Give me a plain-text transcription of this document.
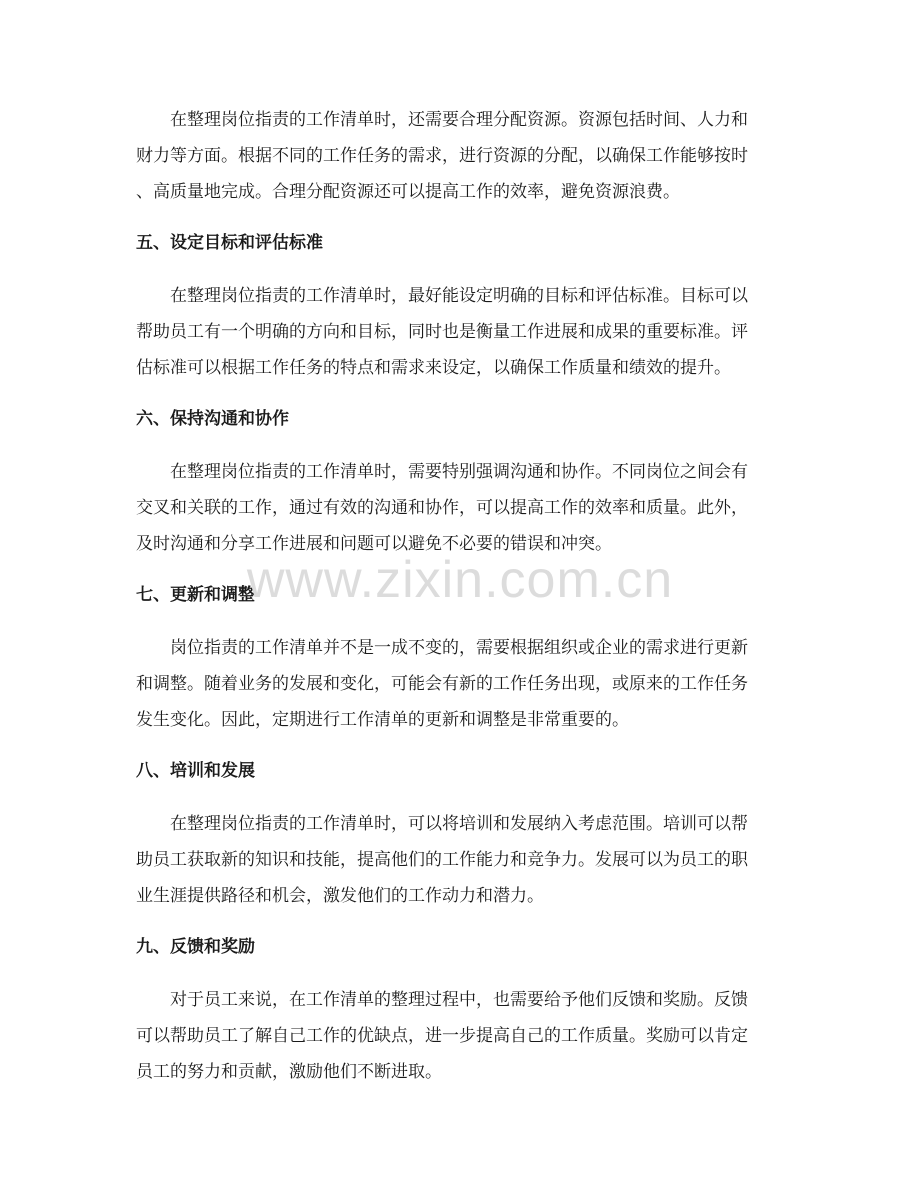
在整理岗位指责的工作清单时，还需要合理分配资源。资源包括时间、人力和
财力等方面。根据不同的工作任务的需求，进行资源的分配，以确保工作能够按时
、高质量地完成。合理分配资源还可以提高工作的效率，避免资源浪费。
五、设定目标和评估标准
在整理岗位指责的工作清单时，最好能设定明确的目标和评估标准。目标可以
帮助员工有一个明确的方向和目标，同时也是衡量工作进展和成果的重要标准。评
估标准可以根据工作任务的特点和需求来设定，以确保工作质量和绩效的提升。
六、保持沟通和协作
在整理岗位指责的工作清单时，需要特别强调沟通和协作。不同岗位之间会有
交叉和关联的工作，通过有效的沟通和协作，可以提高工作的效率和质量。此外，
及时沟通和分享工作进展和问题可以避免不必要的错误和冲突。
七、更新和调整
岗位指责的工作清单并不是一成不变的，需要根据组织或企业的需求进行更新
和调整。随着业务的发展和变化，可能会有新的工作任务出现，或原来的工作任务
发生变化。因此，定期进行工作清单的更新和调整是非常重要的。
八、培训和发展
在整理岗位指责的工作清单时，可以将培训和发展纳入考虑范围。培训可以帮
助员工获取新的知识和技能，提高他们的工作能力和竞争力。发展可以为员工的职
业生涯提供路径和机会，激发他们的工作动力和潜力。
九、反馈和奖励
对于员工来说，在工作清单的整理过程中，也需要给予他们反馈和奖励。反馈
可以帮助员工了解自己工作的优缺点，进一步提高自己的工作质量。奖励可以肯定
员工的努力和贡献，激励他们不断进取。
www.zixin.com.cn
